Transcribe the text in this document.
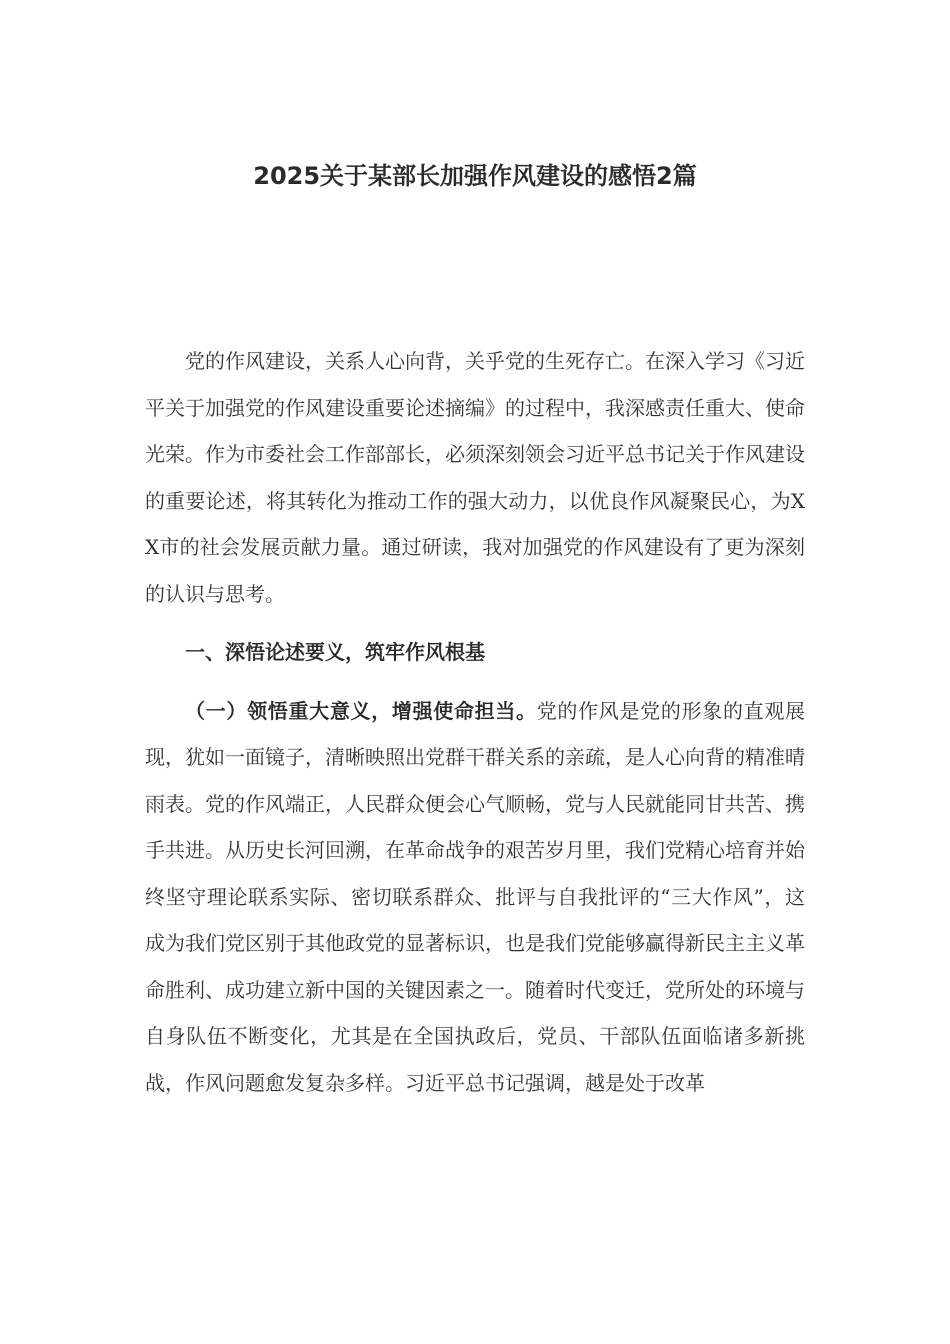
2025关于某部长加强作风建设的感悟2篇

党的作风建设，关系人心向背，关乎党的生死存亡。在深入学习《习近平关于加强党的作风建设重要论述摘编》的过程中，我深感责任重大、使命光荣。作为市委社会工作部部长，必须深刻领会习近平总书记关于作风建设的重要论述，将其转化为推动工作的强大动力，以优良作风凝聚民心，为XX市的社会发展贡献力量。通过研读，我对加强党的作风建设有了更为深刻的认识与思考。

一、深悟论述要义，筑牢作风根基

（一）领悟重大意义，增强使命担当。党的作风是党的形象的直观展现，犹如一面镜子，清晰映照出党群干群关系的亲疏，是人心向背的精准晴雨表。党的作风端正，人民群众便会心气顺畅，党与人民就能同甘共苦、携手共进。从历史长河回溯，在革命战争的艰苦岁月里，我们党精心培育并始终坚守理论联系实际、密切联系群众、批评与自我批评的“三大作风”，这成为我们党区别于其他政党的显著标识，也是我们党能够赢得新民主主义革命胜利、成功建立新中国的关键因素之一。随着时代变迁，党所处的环境与自身队伍不断变化，尤其是在全国执政后，党员、干部队伍面临诸多新挑战，作风问题愈发复杂多样。习近平总书记强调，越是处于改革
